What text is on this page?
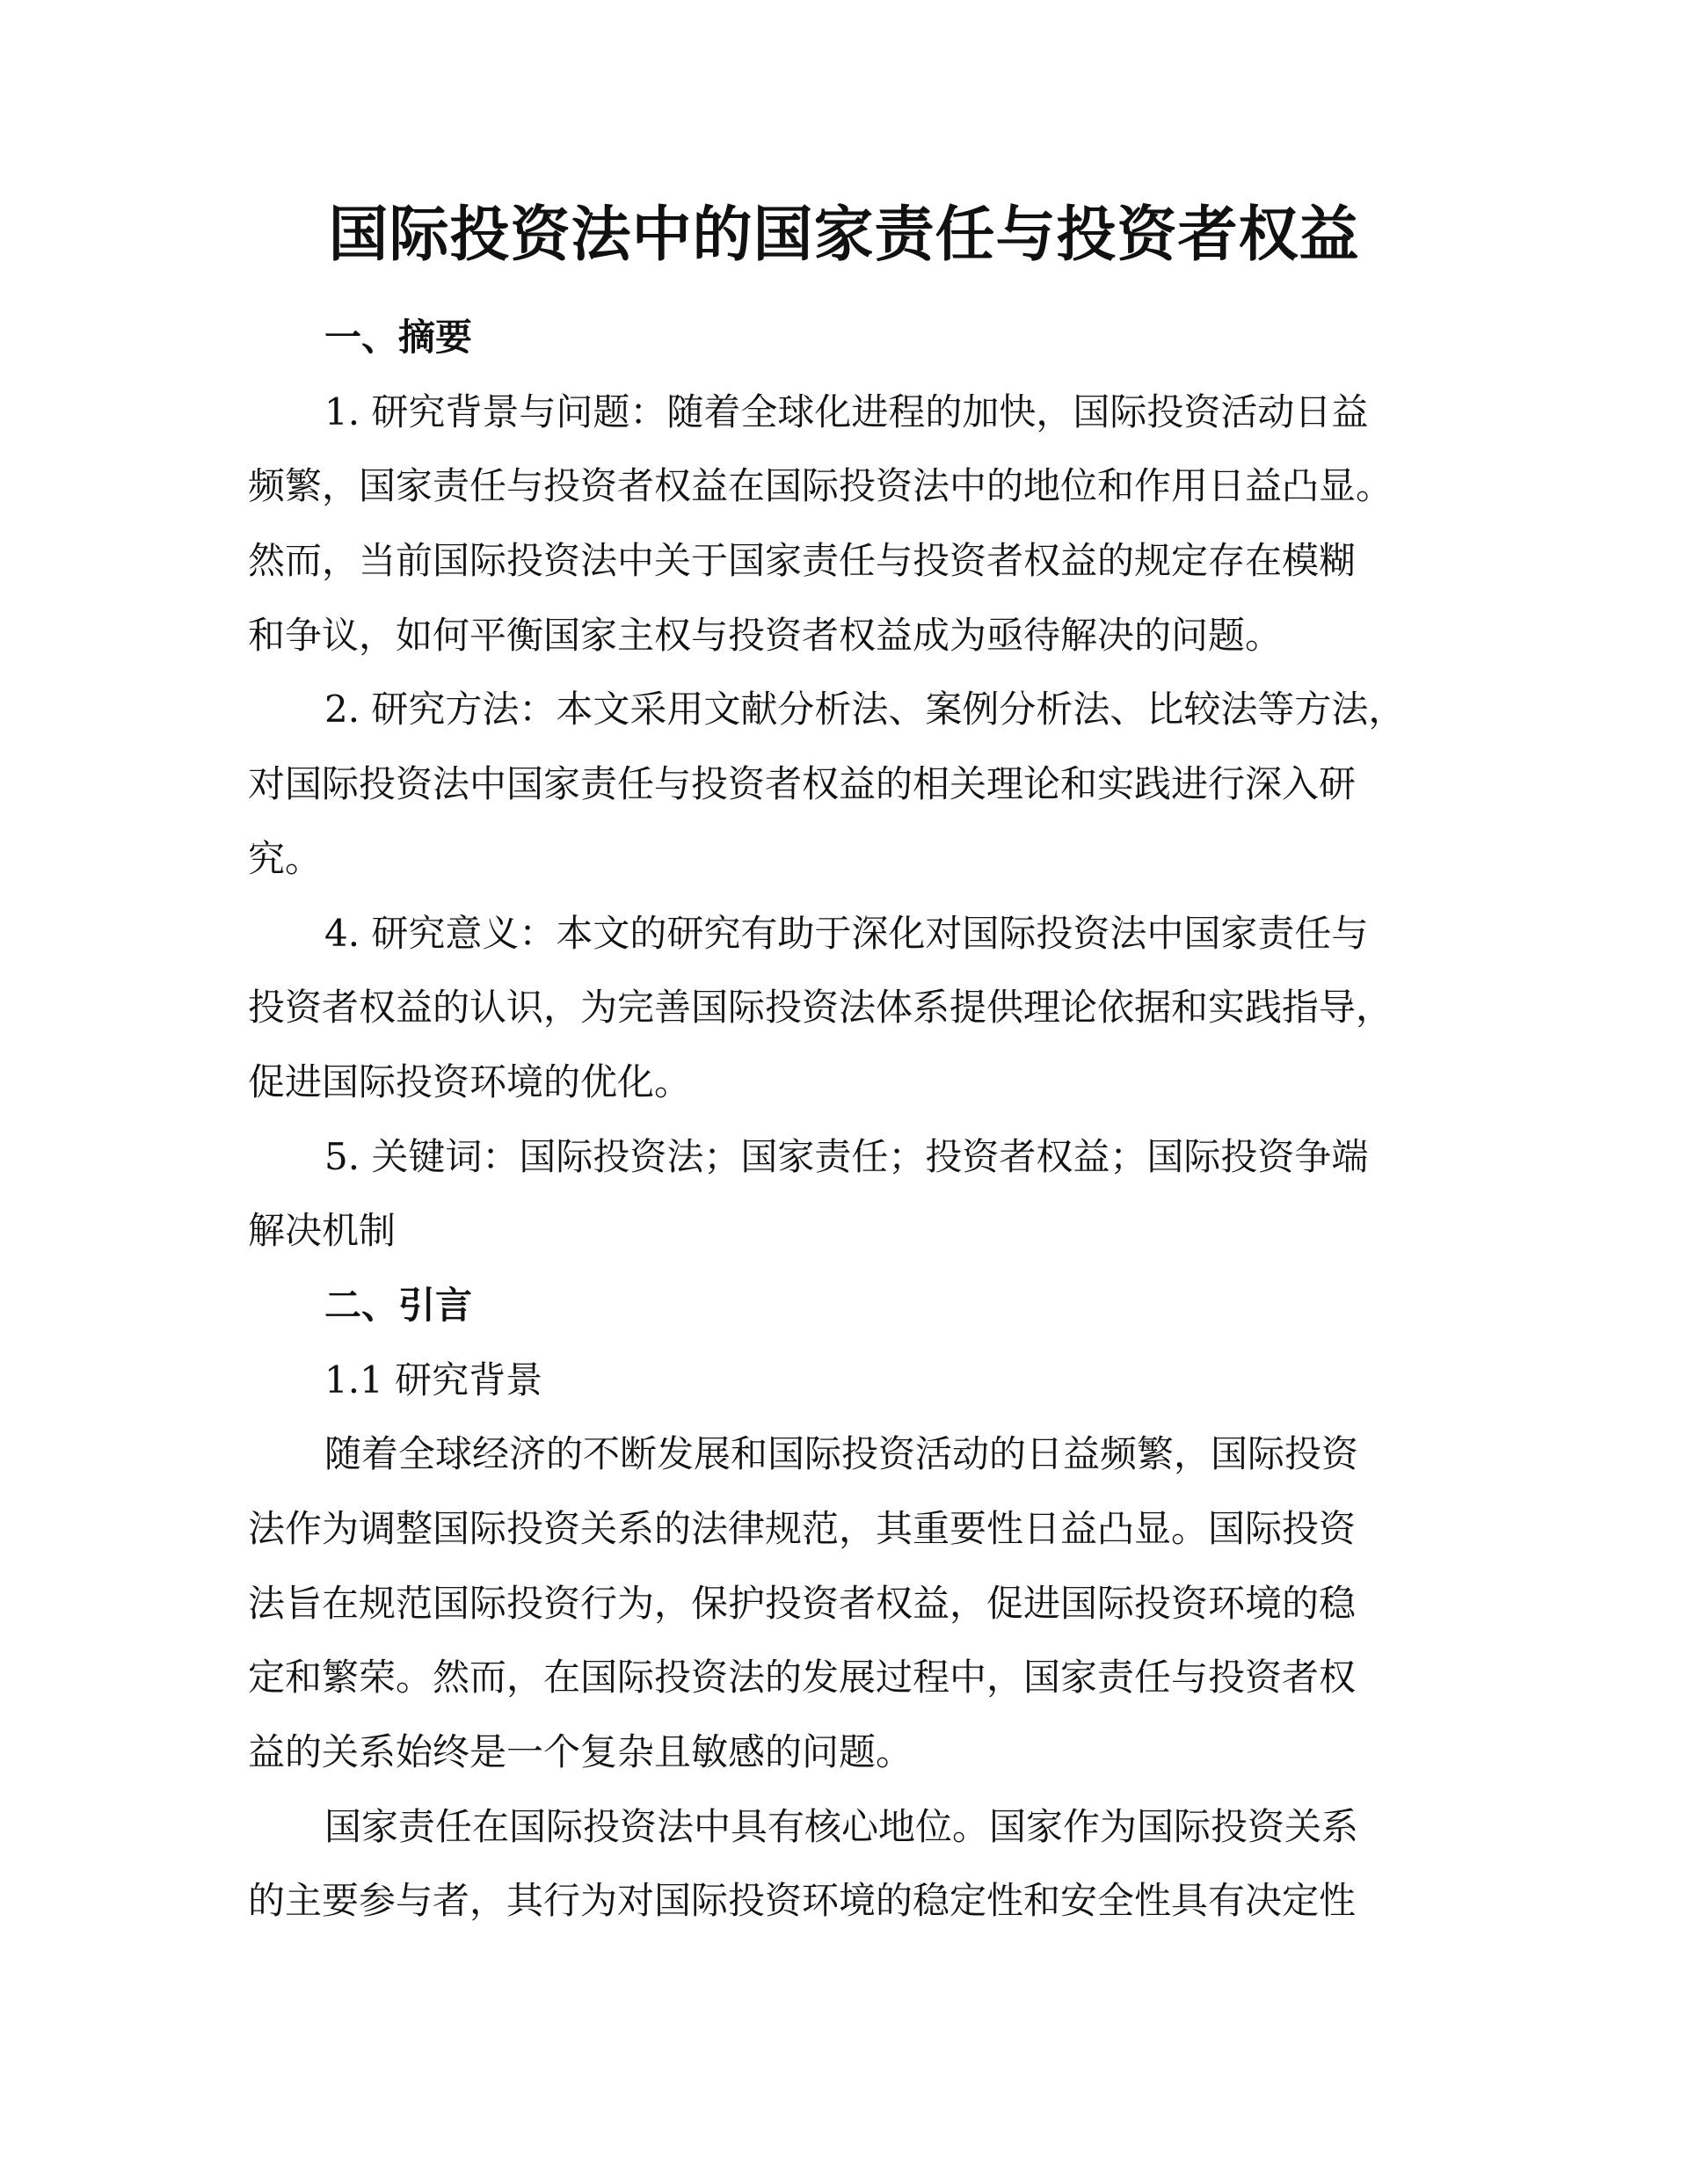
国际投资法中的国家责任与投资者权益
一、摘要
1. 研究背景与问题：随着全球化进程的加快，国际投资活动日益
频繁，国家责任与投资者权益在国际投资法中的地位和作用日益凸显。
然而，当前国际投资法中关于国家责任与投资者权益的规定存在模糊
和争议，如何平衡国家主权与投资者权益成为亟待解决的问题。
2. 研究方法：本文采用文献分析法、案例分析法、比较法等方法，
对国际投资法中国家责任与投资者权益的相关理论和实践进行深入研
究。
4. 研究意义：本文的研究有助于深化对国际投资法中国家责任与
投资者权益的认识，为完善国际投资法体系提供理论依据和实践指导，
促进国际投资环境的优化。
5. 关键词：国际投资法；国家责任；投资者权益；国际投资争端
解决机制
二、引言
1.1 研究背景
随着全球经济的不断发展和国际投资活动的日益频繁，国际投资
法作为调整国际投资关系的法律规范，其重要性日益凸显。国际投资
法旨在规范国际投资行为，保护投资者权益，促进国际投资环境的稳
定和繁荣。然而，在国际投资法的发展过程中，国家责任与投资者权
益的关系始终是一个复杂且敏感的问题。
国家责任在国际投资法中具有核心地位。国家作为国际投资关系
的主要参与者，其行为对国际投资环境的稳定性和安全性具有决定性
